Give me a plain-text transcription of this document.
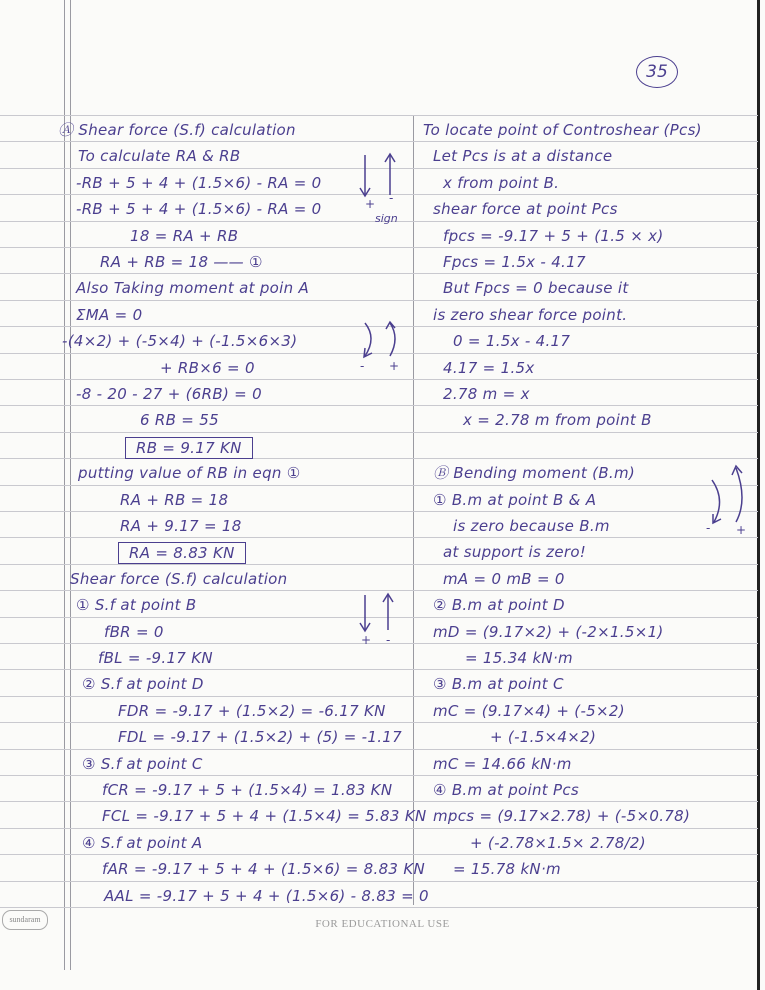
35
Ⓐ Shear force (S.f) calculation
To calculate RA & RB
-RB + 5 + 4 + (1.5×6) - RA = 0
-RB + 5 + 4 + (1.5×6) - RA = 0
18 = RA + RB
RA + RB = 18 —— ①
Also Taking moment at poin A
ΣMA = 0
-(4×2) + (-5×4) + (-1.5×6×3)
+ RB×6 = 0
-8 - 20 - 27 + (6RB) = 0
6 RB = 55
RB = 9.17 KN
putting value of RB in eqn ①
RA + RB = 18
RA + 9.17 = 18
RA = 8.83 KN
Shear force (S.f) calculation
① S.f at point B
fBR = 0
fBL = -9.17 KN
② S.f at point D
FDR = -9.17 + (1.5×2) = -6.17 KN
FDL = -9.17 + (1.5×2) + (5) = -1.17
③ S.f at point C
fCR = -9.17 + 5 + (1.5×4) = 1.83 KN
FCL = -9.17 + 5 + 4 + (1.5×4) = 5.83 KN
④ S.f at point A
fAR = -9.17 + 5 + 4 + (1.5×6) = 8.83 KN
AAL = -9.17 + 5 + 4 + (1.5×6) - 8.83 = 0
To locate point of Controshear (Pcs)
Let Pcs is at a distance
x from point B.
shear force at point Pcs
fpcs = -9.17 + 5 + (1.5 × x)
Fpcs = 1.5x - 4.17
But Fpcs = 0 because it
is zero shear force point.
0 = 1.5x - 4.17
4.17 = 1.5x
2.78 m = x
x = 2.78 m from point B
Ⓑ Bending moment (B.m)
① B.m at point B & A
is zero because B.m
at support is zero!
mA = 0 mB = 0
② B.m at point D
mD = (9.17×2) + (-2×1.5×1)
= 15.34 kN·m
③ B.m at point C
mC = (9.17×4) + (-5×2)
+ (-1.5×4×2)
mC = 14.66 kN·m
④ B.m at point Pcs
mpcs = (9.17×2.78) + (-5×0.78)
+ (-2.78×1.5× 2.78/2)
= 15.78 kN·m
+ -
sign
- +
+ -
- +
sundaram	FOR EDUCATIONAL USE
